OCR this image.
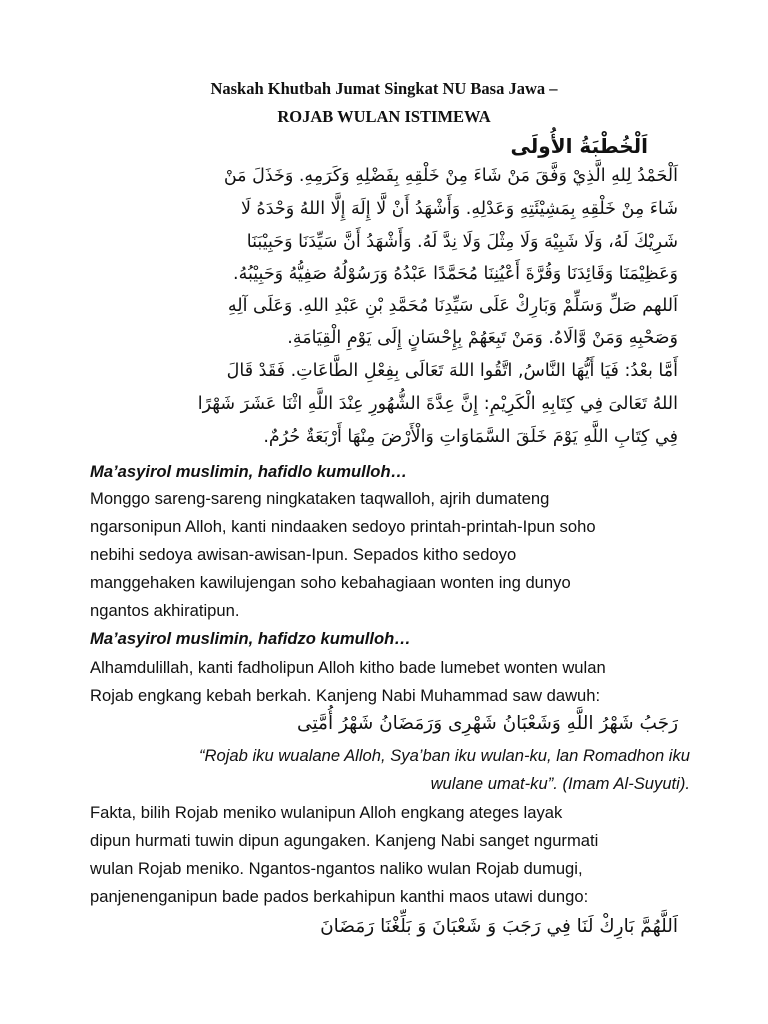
Naskah Khutbah Jumat Singkat NU Basa Jawa –
ROJAB WULAN ISTIMEWA
اَلْخُطْبَةُ الأُولَى
اَلْحَمْدُ لِلهِ الَّذِيْ وَفَّقَ مَنْ شَاءَ مِنْ خَلْقِهِ بِفَضْلِهِ وَكَرَمِهِ. وَخَذَلَ مَنْ
شَاءَ مِنْ خَلْقِهِ بِمَشِيْئَتِهِ وَعَدْلِهِ. وَأَشْهَدُ أَنْ لَّا إِلَهَ إِلَّا اللهُ وَحْدَهُ لَا
شَرِيْكَ لَهُ، وَلَا شَبِيْهَ وَلَا مِثْلَ وَلَا نِدَّ لَهُ. وَأَشْهَدُ أَنَّ سَيِّدَنَا وَحَبِيْبَنَا
وَعَظِيْمَنَا وَقَائِدَنَا وَقُرَّةَ أَعْيُنِنَا مُحَمَّدًا عَبْدُهُ وَرَسُوْلُهُ صَفِيُّهُ وَحَبِيْبُهُ.
اَللهم صَلِّ وَسَلِّمْ وَبَارِكْ عَلَى سَيِّدِنَا مُحَمَّدِ بْنِ عَبْدِ اللهِ. وَعَلَى آلِهِ
وَصَحْبِهِ وَمَنْ وَّالَاهُ. وَمَنْ تَبِعَهُمْ بِإِحْسَانٍ إِلَى يَوْمِ الْقِيَامَةِ.
أَمَّا بعْدُ: فَيَا أَيُّهَا النَّاسُ, اتَّقُوا اللهَ تَعَالَى بِفِعْلِ الطَّاعَاتِ. فَقَدْ قَالَ
اللهُ تَعَالىَ فِي كِتَابِهِ الْكَرِيْمِ: إِنَّ عِدَّةَ الشُّهُورِ عِنْدَ اللَّهِ اثْنَا عَشَرَ شَهْرًا
فِي كِتَابِ اللَّهِ يَوْمَ خَلَقَ السَّمَاوَاتِ وَالْأَرْضَ مِنْهَا أَرْبَعَةٌ حُرُمٌ.
Ma’asyirol muslimin, hafidlo kumulloh…
Monggo sareng-sareng ningkataken taqwalloh, ajrih dumateng
ngarsonipun Alloh, kanti nindaaken sedoyo printah-printah-Ipun soho
nebihi sedoya awisan-awisan-Ipun. Sepados kitho sedoyo
manggehaken kawilujengan soho kebahagiaan wonten ing dunyo
ngantos akhiratipun.
Ma’asyirol muslimin, hafidzo kumulloh…
Alhamdulillah, kanti fadholipun Alloh kitho bade lumebet wonten wulan
Rojab engkang kebah berkah. Kanjeng Nabi Muhammad saw dawuh:
رَجَبُ شَهْرُ اللَّهِ وَشَعْبَانُ شَهْرِى وَرَمَضَانُ شَهْرُ أُمَّتِى
“Rojab iku wualane Alloh, Sya’ban iku wulan-ku, lan Romadhon iku
wulane umat-ku”. (Imam Al-Suyuti).
Fakta, bilih Rojab meniko wulanipun Alloh engkang ateges layak
dipun hurmati tuwin dipun agungaken. Kanjeng Nabi sanget ngurmati
wulan Rojab meniko. Ngantos-ngantos naliko wulan Rojab dumugi,
panjenenganipun bade pados berkahipun kanthi maos utawi dungo:
اَللَّهُمَّ بَارِكْ لَنَا فِي رَجَبَ وَ شَعْبَانَ وَ بَلِّغْنَا رَمَضَانَ
